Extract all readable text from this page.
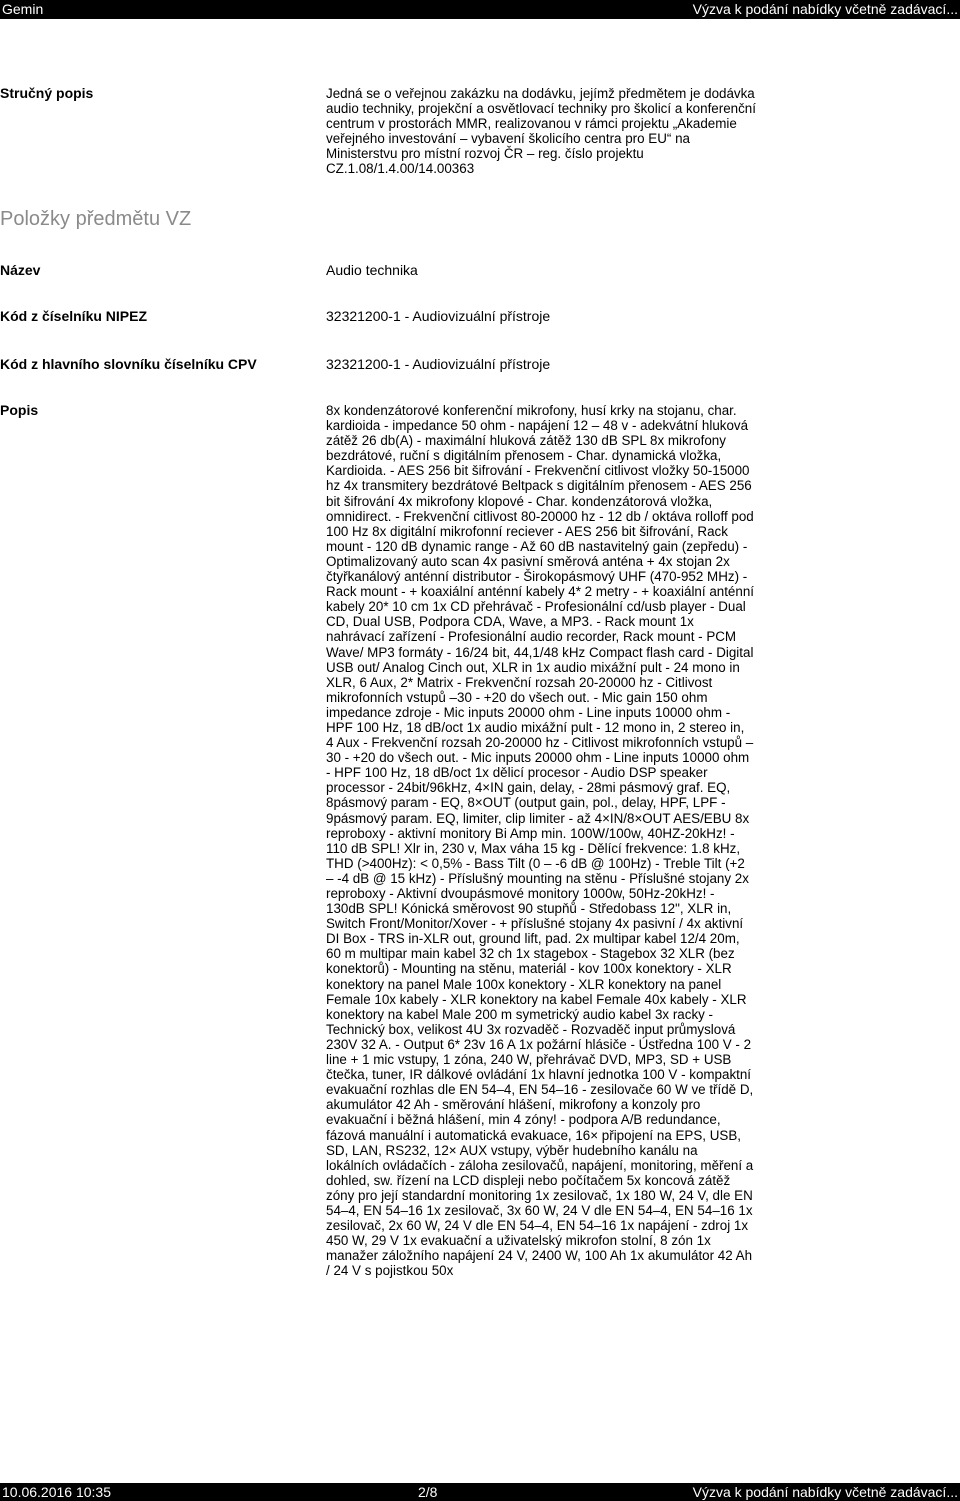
Gemin	Výzva k podání nabídky včetně zadávací...
Stručný popis	Jedná se o veřejnou zakázku na dodávku, jejímž předmětem je dodávka audio techniky, projekční a osvětlovací techniky pro školicí a konferenční centrum v prostorách MMR, realizovanou v rámci projektu „Akademie veřejného investování – vybavení školicího centra pro EU“ na Ministerstvu pro místní rozvoj ČR – reg. číslo projektu CZ.1.08/1.4.00/14.00363
Položky předmětu VZ
Název	Audio technika
Kód z číselníku NIPEZ	32321200-1 - Audiovizuální přístroje
Kód z hlavního slovníku číselníku CPV	32321200-1 - Audiovizuální přístroje
Popis	8x kondenzátorové konferenční mikrofony, husí krky na stojanu, char. kardioida - impedance 50 ohm - napájení 12 – 48 v - adekvátní hluková zátěž 26 db(A) - maximální hluková zátěž 130 dB SPL 8x mikrofony bezdrátové, ruční s digitálním přenosem - Char. dynamická vložka, Kardioida. - AES 256 bit šifrování - Frekvenční citlivost vložky 50-15000 hz 4x transmitery bezdrátové Beltpack s digitálním přenosem - AES 256 bit šifrování 4x mikrofony klopové - Char. kondenzátorová vložka, omnidirect. - Frekvenční citlivost 80-20000 hz - 12 db / oktáva rolloff pod 100 Hz 8x digitální mikrofonní reciever - AES 256 bit šifrování, Rack mount - 120 dB dynamic range - Až 60 dB nastavitelný gain (zepředu) - Optimalizovaný auto scan 4x pasivní směrová anténa + 4x stojan 2x čtyřkanálový anténní distributor - Širokopásmový UHF (470-952 MHz) - Rack mount - + koaxiální anténní kabely 4* 2 metry - + koaxiální anténní kabely 20* 10 cm 1x CD přehrávač - Profesionální cd/usb player - Dual CD, Dual USB, Podpora CDA, Wave, a MP3. - Rack mount 1x nahrávací zařízení - Profesionální audio recorder, Rack mount - PCM Wave/ MP3 formáty - 16/24 bit, 44,1/48 kHz Compact flash card - Digital USB out/ Analog Cinch out, XLR in 1x audio mixážní pult - 24 mono in XLR, 6 Aux, 2* Matrix - Frekvenční rozsah 20-20000 hz - Citlivost mikrofonních vstupů –30 - +20 do všech out. - Mic gain 150 ohm impedance zdroje - Mic inputs 20000 ohm - Line inputs 10000 ohm - HPF 100 Hz, 18 dB/oct 1x audio mixážní pult - 12 mono in, 2 stereo in, 4 Aux - Frekvenční rozsah 20-20000 hz - Citlivost mikrofonních vstupů –30 - +20 do všech out. - Mic inputs 20000 ohm - Line inputs 10000 ohm - HPF 100 Hz, 18 dB/oct 1x dělicí procesor - Audio DSP speaker processor - 24bit/96kHz, 4×IN gain, delay, - 28mi pásmový graf. EQ, 8pásmový param - EQ, 8×OUT (output gain, pol., delay, HPF, LPF - 9pásmový param. EQ, limiter, clip limiter - až 4×IN/8×OUT AES/EBU 8x reproboxy - aktivní monitory Bi Amp min. 100W/100w, 40HZ-20kHz! - 110 dB SPL! Xlr in, 230 v, Max váha 15 kg - Dělící frekvence: 1.8 kHz, THD (>400Hz): < 0,5% - Bass Tilt (0 – -6 dB @ 100Hz) - Treble Tilt (+2 – -4 dB @ 15 kHz) - Příslušný mounting na stěnu - Příslušné stojany 2x reproboxy - Aktivní dvoupásmové monitory 1000w, 50Hz-20kHz! - 130dB SPL! Kónická směrovost 90 stupňů - Středobass 12", XLR in, Switch Front/Monitor/Xover - + příslušné stojany 4x pasivní / 4x aktivní DI Box - TRS in-XLR out, ground lift, pad. 2x multipar kabel 12/4 20m, 60 m multipar main kabel 32 ch 1x stagebox - Stagebox 32 XLR (bez konektorů) - Mounting na stěnu, materiál - kov 100x konektory - XLR konektory na panel Male 100x konektory - XLR konektory na panel Female 10x kabely - XLR konektory na kabel Female 40x kabely - XLR konektory na kabel Male 200 m symetrický audio kabel 3x racky - Technický box, velikost 4U 3x rozvaděč - Rozvaděč input průmyslová 230V 32 A. - Output 6* 23v 16 A 1x požární hlásiče - Ústředna 100 V - 2 line + 1 mic vstupy, 1 zóna, 240 W, přehrávač DVD, MP3, SD + USB čtečka, tuner, IR dálkové ovládání 1x hlavní jednotka 100 V - kompaktní evakuační rozhlas dle EN 54–4, EN 54–16 - zesilovače 60 W ve třídě D, akumulátor 42 Ah - směrování hlášení, mikrofony a konzoly pro evakuační i běžná hlášení, min 4 zóny! - podpora A/B redundance, fázová manuální i automatická evakuace, 16× připojení na EPS, USB, SD, LAN, RS232, 12× AUX vstupy, výběr hudebního kanálu na lokálních ovládačích - záloha zesilovačů, napájení, monitoring, měření a dohled, sw. řízení na LCD displeji nebo počítačem 5x koncová zátěž zóny pro její standardní monitoring 1x zesilovač, 1x 180 W, 24 V, dle EN 54–4, EN 54–16 1x zesilovač, 3x 60 W, 24 V dle EN 54–4, EN 54–16 1x zesilovač, 2x 60 W, 24 V dle EN 54–4, EN 54–16 1x napájení - zdroj 1x 450 W, 29 V 1x evakuační a uživatelský mikrofon stolní, 8 zón 1x manažer záložního napájení 24 V, 2400 W, 100 Ah 1x akumulátor 42 Ah / 24 V s pojistkou 50x
10.06.2016 10:35	2/8	Výzva k podání nabídky včetně zadávací...
